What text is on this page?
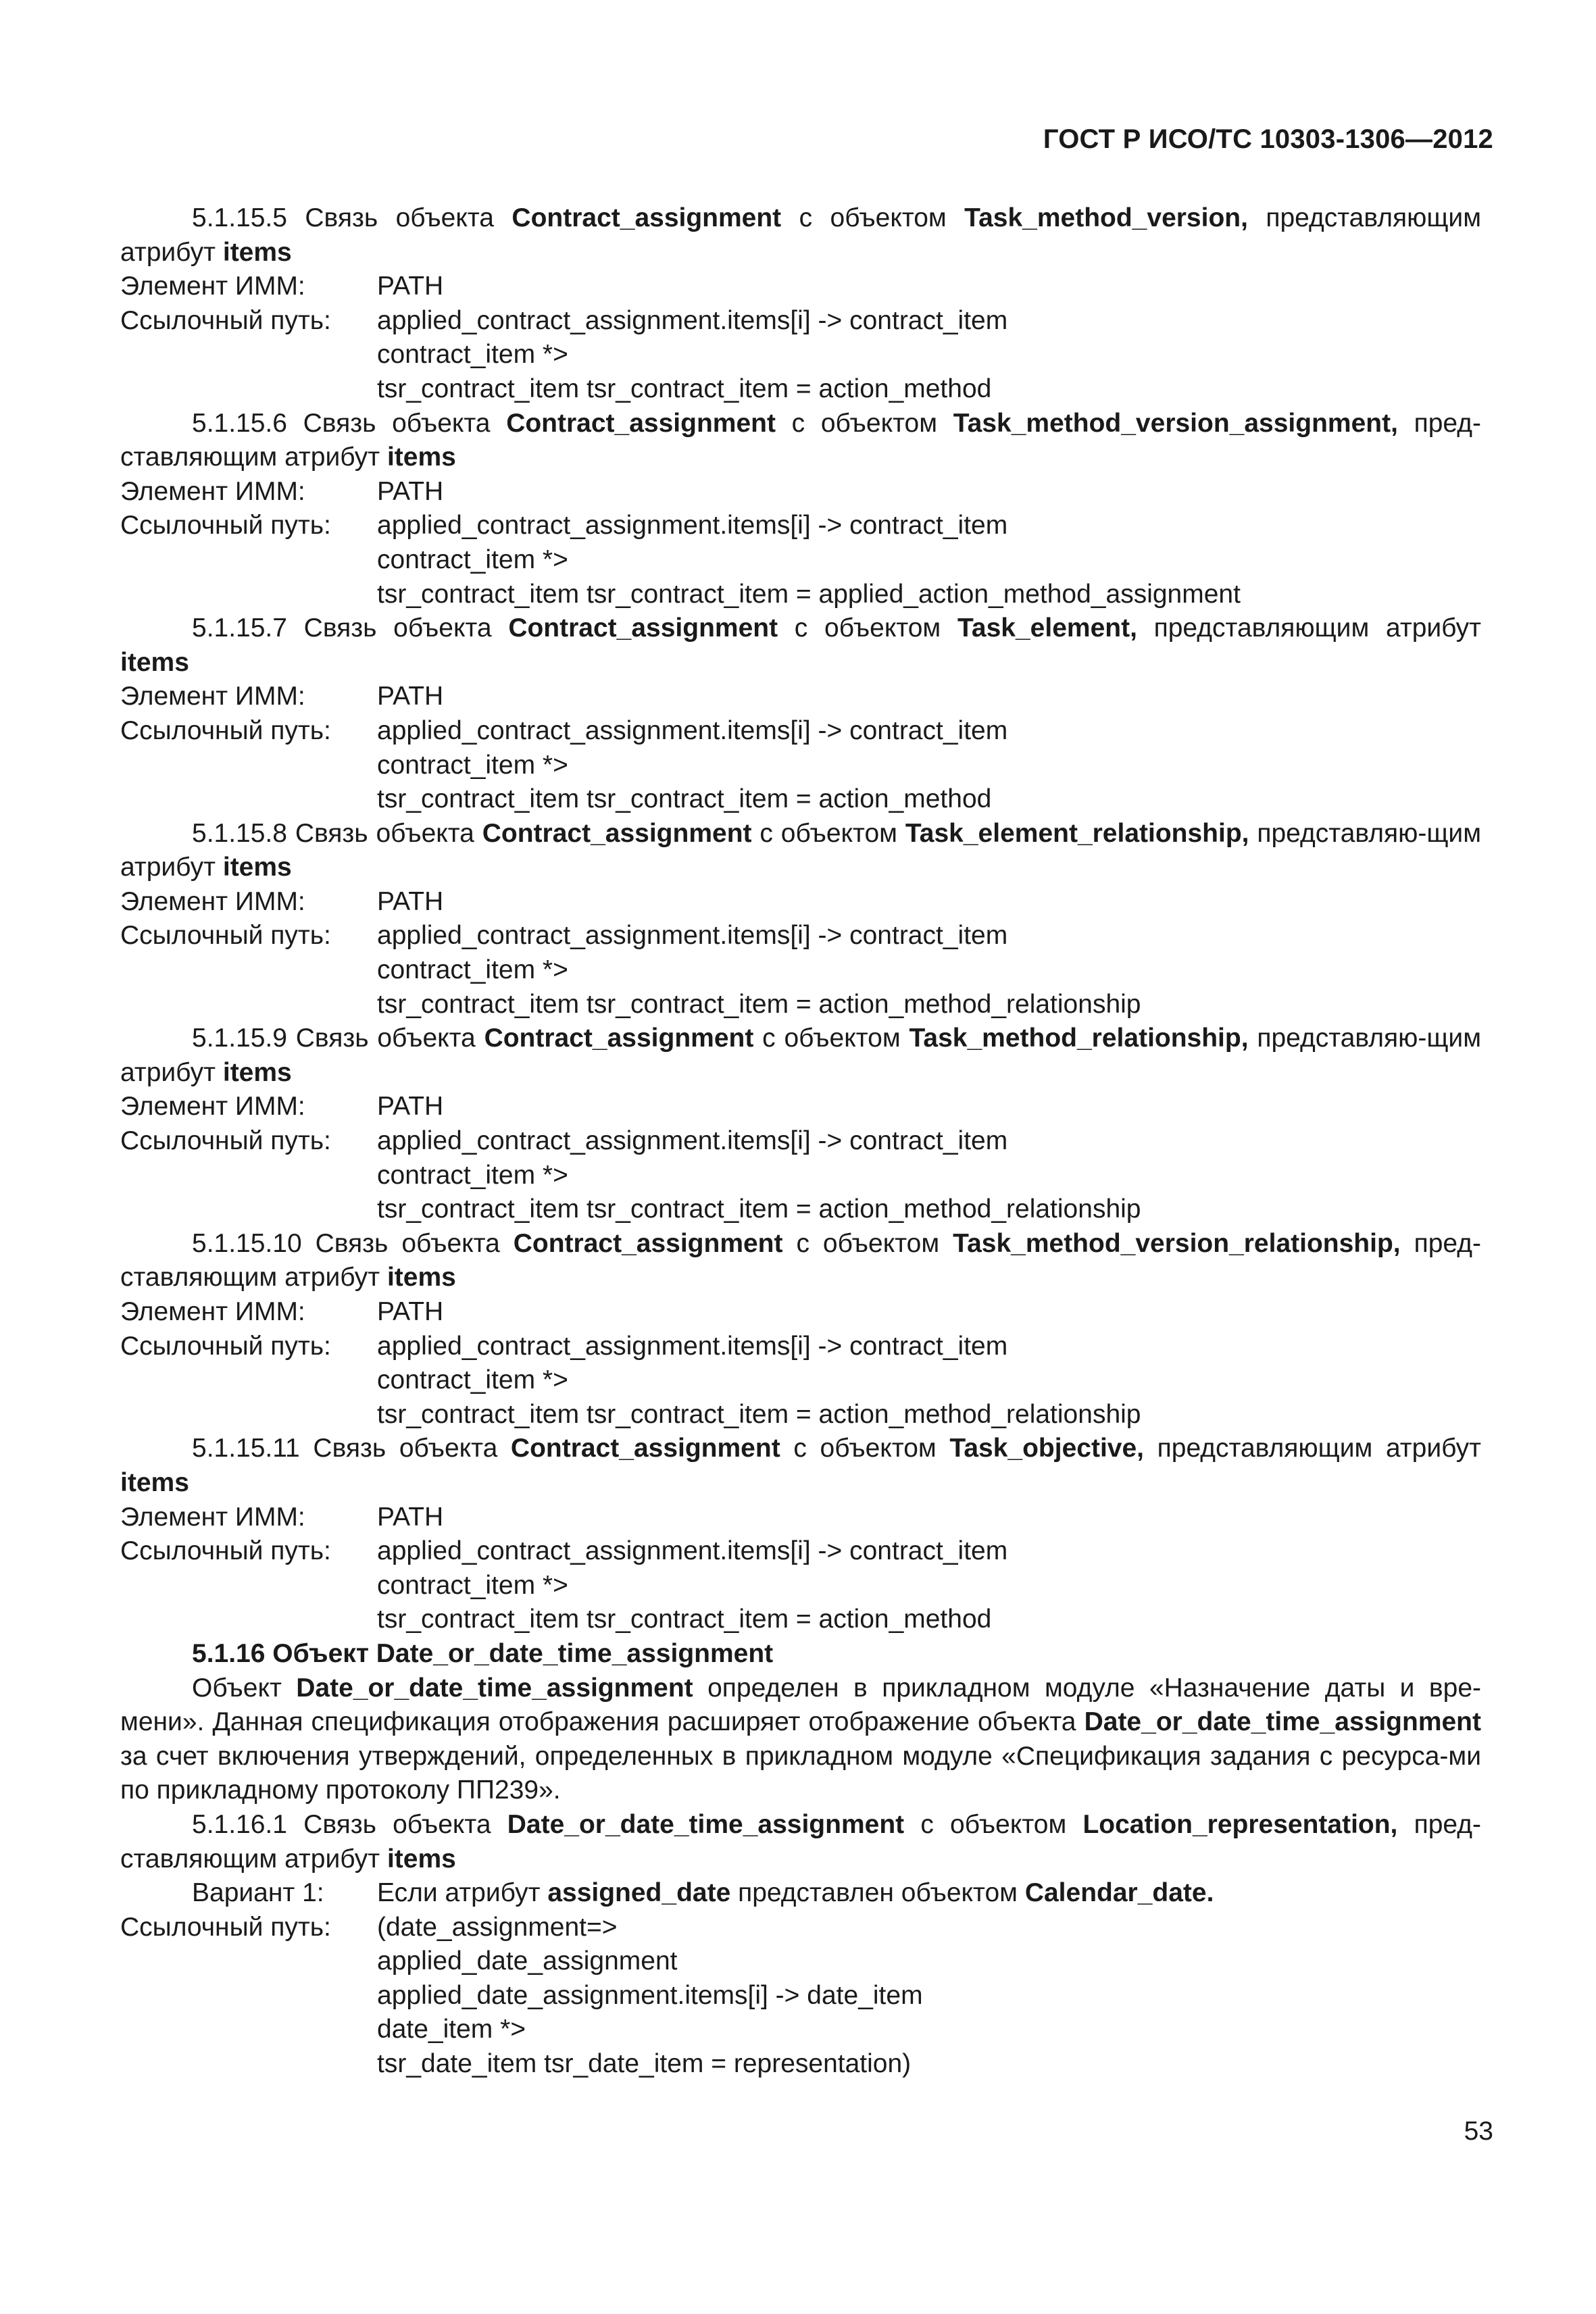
ГОСТ Р ИСО/ТС 10303-1306—2012

5.1.15.5 Связь объекта Contract_assignment с объектом Task_method_version, представляющим атрибут items

Элемент ИММ:	PATH
Ссылочный путь:	applied_contract_assignment.items[i] -> contract_item
contract_item *>
tsr_contract_item tsr_contract_item = action_method

5.1.15.6 Связь объекта Contract_assignment с объектом Task_method_version_assignment, пред-ставляющим атрибут items

Элемент ИММ:	PATH
Ссылочный путь:	applied_contract_assignment.items[i] -> contract_item
contract_item *>
tsr_contract_item tsr_contract_item = applied_action_method_assignment

5.1.15.7 Связь объекта Contract_assignment с объектом Task_element, представляющим атрибут items

Элемент ИММ:	PATH
Ссылочный путь:	applied_contract_assignment.items[i] -> contract_item
contract_item *>
tsr_contract_item tsr_contract_item = action_method

5.1.15.8 Связь объекта Contract_assignment с объектом Task_element_relationship, представляю-щим атрибут items

Элемент ИММ:	PATH
Ссылочный путь:	applied_contract_assignment.items[i] -> contract_item
contract_item *>
tsr_contract_item tsr_contract_item = action_method_relationship

5.1.15.9 Связь объекта Contract_assignment с объектом Task_method_relationship, представляю-щим атрибут items

Элемент ИММ:	PATH
Ссылочный путь:	applied_contract_assignment.items[i] -> contract_item
contract_item *>
tsr_contract_item tsr_contract_item = action_method_relationship

5.1.15.10 Связь объекта Contract_assignment с объектом Task_method_version_relationship, пред-ставляющим атрибут items

Элемент ИММ:	PATH
Ссылочный путь:	applied_contract_assignment.items[i] -> contract_item
contract_item *>
tsr_contract_item tsr_contract_item = action_method_relationship

5.1.15.11 Связь объекта Contract_assignment с объектом Task_objective, представляющим атрибут items

Элемент ИММ:	PATH
Ссылочный путь:	applied_contract_assignment.items[i] -> contract_item
contract_item *>
tsr_contract_item tsr_contract_item = action_method

5.1.16 Объект Date_or_date_time_assignment

Объект Date_or_date_time_assignment определен в прикладном модуле «Назначение даты и вре-мени». Данная спецификация отображения расширяет отображение объекта Date_or_date_time_assignment за счет включения утверждений, определенных в прикладном модуле «Спецификация задания с ресурса-ми по прикладному протоколу ПП239».

5.1.16.1 Связь объекта Date_or_date_time_assignment с объектом Location_representation, пред-ставляющим атрибут items

Вариант 1:	Если атрибут assigned_date представлен объектом Calendar_date.
Ссылочный путь:	(date_assignment=>
applied_date_assignment
applied_date_assignment.items[i] -> date_item
date_item *>
tsr_date_item tsr_date_item = representation)
53
